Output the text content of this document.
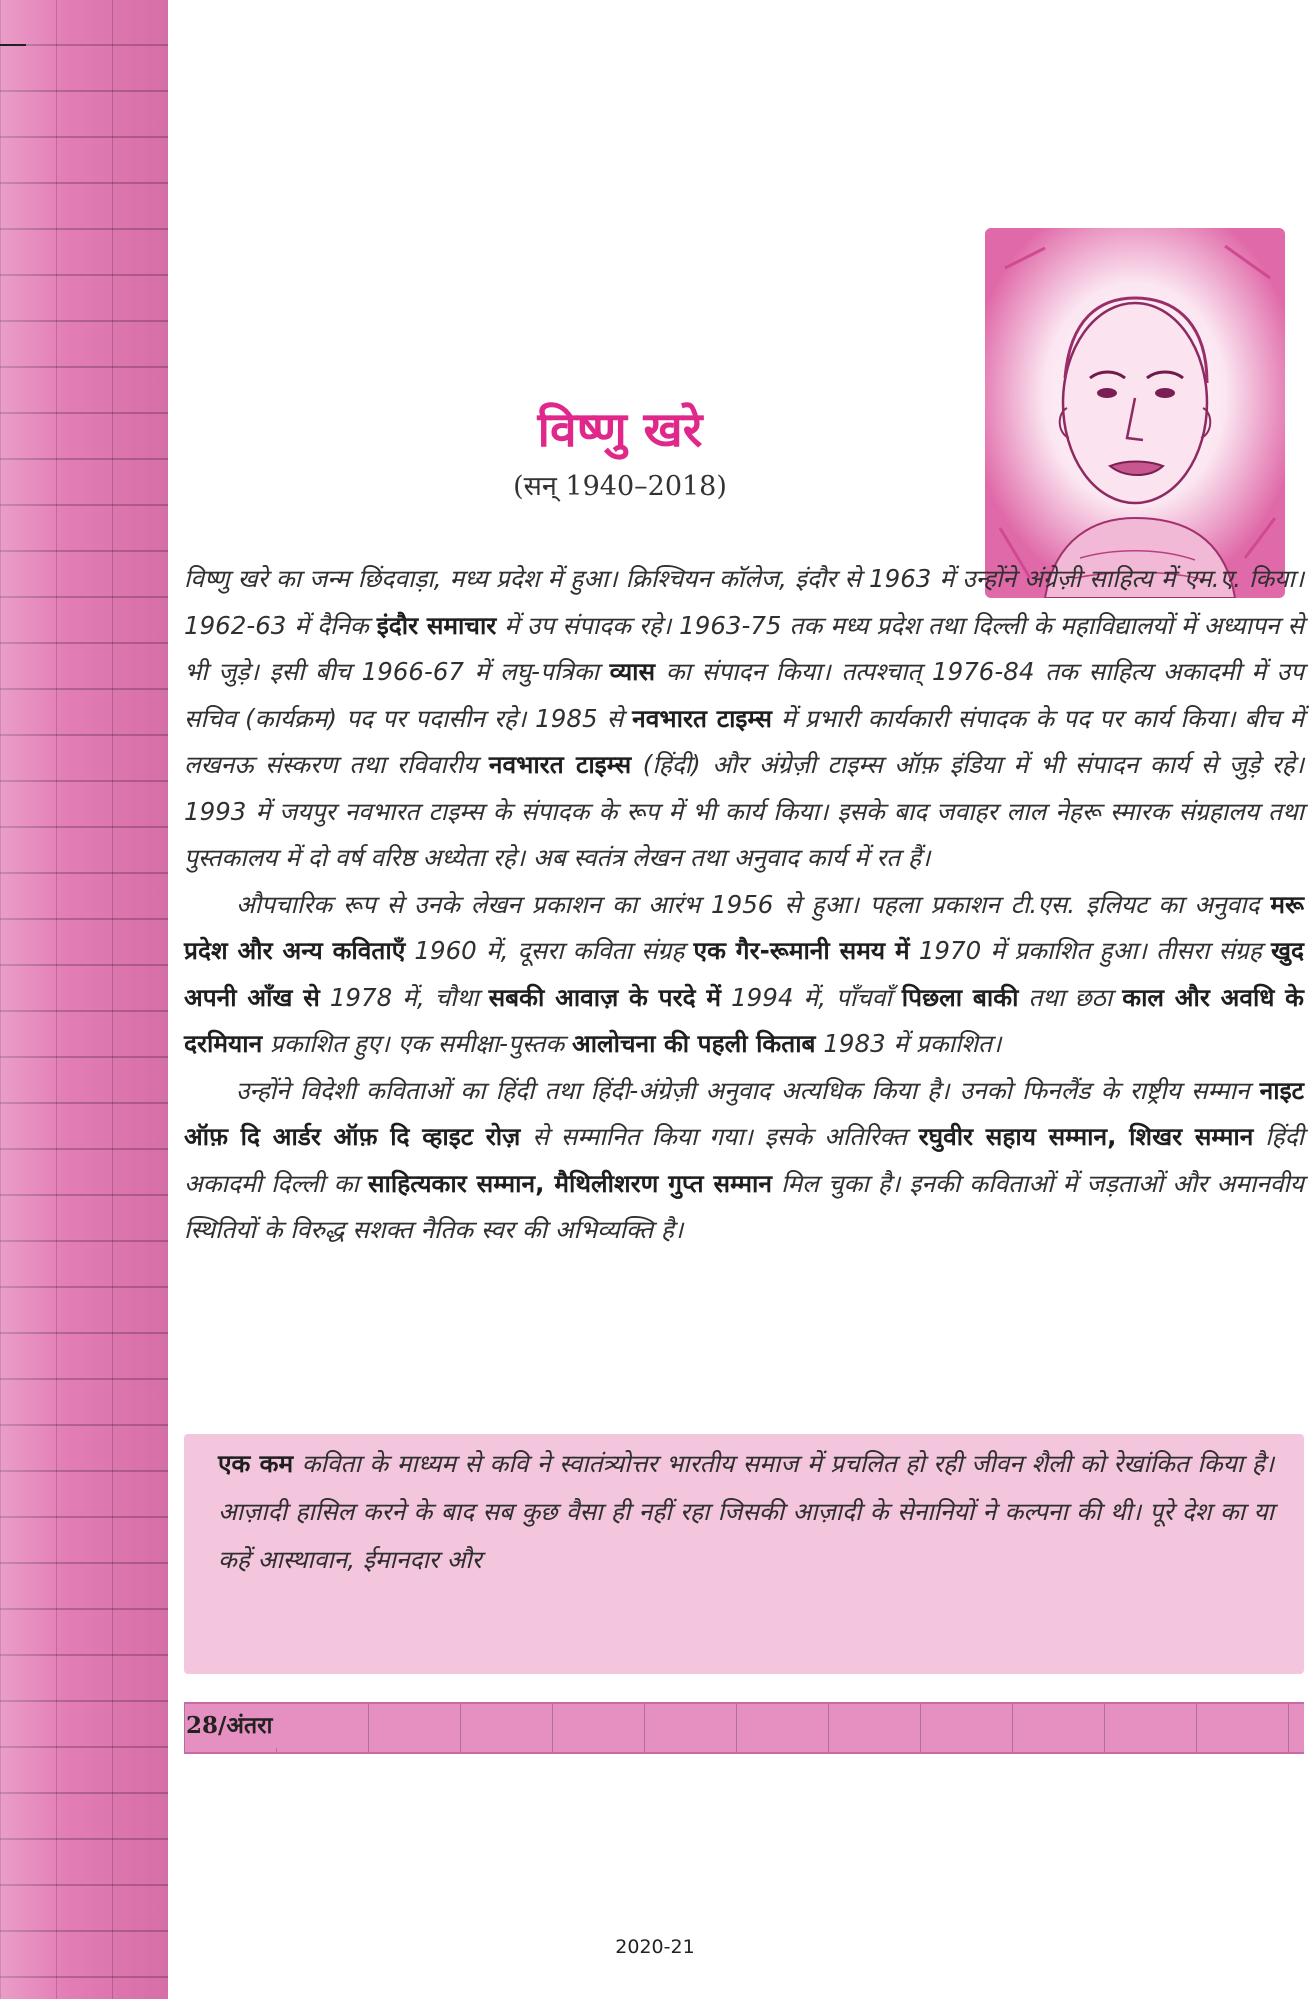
विष्णु खरे
(सन् 1940–2018)

विष्णु खरे का जन्म छिंदवाड़ा, मध्य प्रदेश में हुआ। क्रिश्चियन कॉलेज, इंदौर से 1963 में उन्होंने अंग्रेज़ी साहित्य में एम.ए. किया। 1962-63 में दैनिक इंदौर समाचार में उप संपादक रहे। 1963-75 तक मध्य प्रदेश तथा दिल्ली के महाविद्यालयों में अध्यापन से भी जुड़े। इसी बीच 1966-67 में लघु-पत्रिका व्यास का संपादन किया। तत्पश्चात् 1976-84 तक साहित्य अकादमी में उप सचिव (कार्यक्रम) पद पर पदासीन रहे। 1985 से नवभारत टाइम्स में प्रभारी कार्यकारी संपादक के पद पर कार्य किया। बीच में लखनऊ संस्करण तथा रविवारीय नवभारत टाइम्स (हिंदी) और अंग्रेज़ी टाइम्स ऑफ़ इंडिया में भी संपादन कार्य से जुड़े रहे। 1993 में जयपुर नवभारत टाइम्स के संपादक के रूप में भी कार्य किया। इसके बाद जवाहर लाल नेहरू स्मारक संग्रहालय तथा पुस्तकालय में दो वर्ष वरिष्ठ अध्येता रहे। अब स्वतंत्र लेखन तथा अनुवाद कार्य में रत हैं।

औपचारिक रूप से उनके लेखन प्रकाशन का आरंभ 1956 से हुआ। पहला प्रकाशन टी.एस. इलियट का अनुवाद मरू प्रदेश और अन्य कविताएँ 1960 में, दूसरा कविता संग्रह एक गैर-रूमानी समय में 1970 में प्रकाशित हुआ। तीसरा संग्रह खुद अपनी आँख से 1978 में, चौथा सबकी आवाज़ के परदे में 1994 में, पाँचवाँ पिछला बाकी तथा छठा काल और अवधि के दरमियान प्रकाशित हुए। एक समीक्षा-पुस्तक आलोचना की पहली किताब 1983 में प्रकाशित।

उन्होंने विदेशी कविताओं का हिंदी तथा हिंदी-अंग्रेज़ी अनुवाद अत्यधिक किया है। उनको फिनलैंड के राष्ट्रीय सम्मान नाइट ऑफ़ दि आर्डर ऑफ़ दि व्हाइट रोज़ से सम्मानित किया गया। इसके अतिरिक्त रघुवीर सहाय सम्मान, शिखर सम्मान हिंदी अकादमी दिल्ली का साहित्यकार सम्मान, मैथिलीशरण गुप्त सम्मान मिल चुका है। इनकी कविताओं में जड़ताओं और अमानवीय स्थितियों के विरुद्ध सशक्त नैतिक स्वर की अभिव्यक्ति है।

एक कम कविता के माध्यम से कवि ने स्वातंत्र्योत्तर भारतीय समाज में प्रचलित हो रही जीवन शैली को रेखांकित किया है। आज़ादी हासिल करने के बाद सब कुछ वैसा ही नहीं रहा जिसकी आज़ादी के सेनानियों ने कल्पना की थी। पूरे देश का या कहें आस्थावान, ईमानदार और
28/अंतरा
2020-21
